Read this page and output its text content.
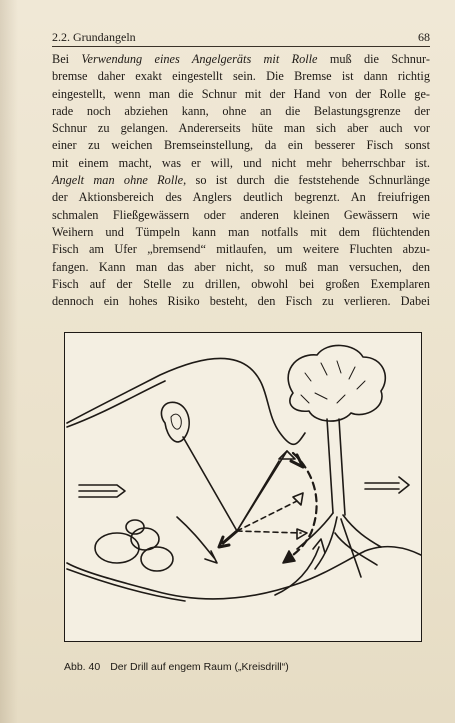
2.2. Grundangeln	68
Bei Verwendung eines Angelgeräts mit Rolle muß die Schnur-
bremse daher exakt eingestellt sein. Die Bremse ist dann richtig
eingestellt, wenn man die Schnur mit der Hand von der Rolle ge-
rade noch abziehen kann, ohne an die Belastungsgrenze der
Schnur zu gelangen. Andererseits hüte man sich aber auch vor
einer zu weichen Bremseinstellung, da ein besserer Fisch sonst
mit einem macht, was er will, und nicht mehr beherrschbar ist.
Angelt man ohne Rolle, so ist durch die feststehende Schnurlänge
der Aktionsbereich des Anglers deutlich begrenzt. An freiufrigen
schmalen Fließgewässern oder anderen kleinen Gewässern wie
Weihern und Tümpeln kann man notfalls mit dem flüchtenden
Fisch am Ufer „bremsend“ mitlaufen, um weitere Fluchten abzu-
fangen. Kann man das aber nicht, so muß man versuchen, den
Fisch auf der Stelle zu drillen, obwohl bei großen Exemplaren
dennoch ein hohes Risiko besteht, den Fisch zu verlieren. Dabei
Abb. 40 Der Drill auf engem Raum („Kreisdrill“)
